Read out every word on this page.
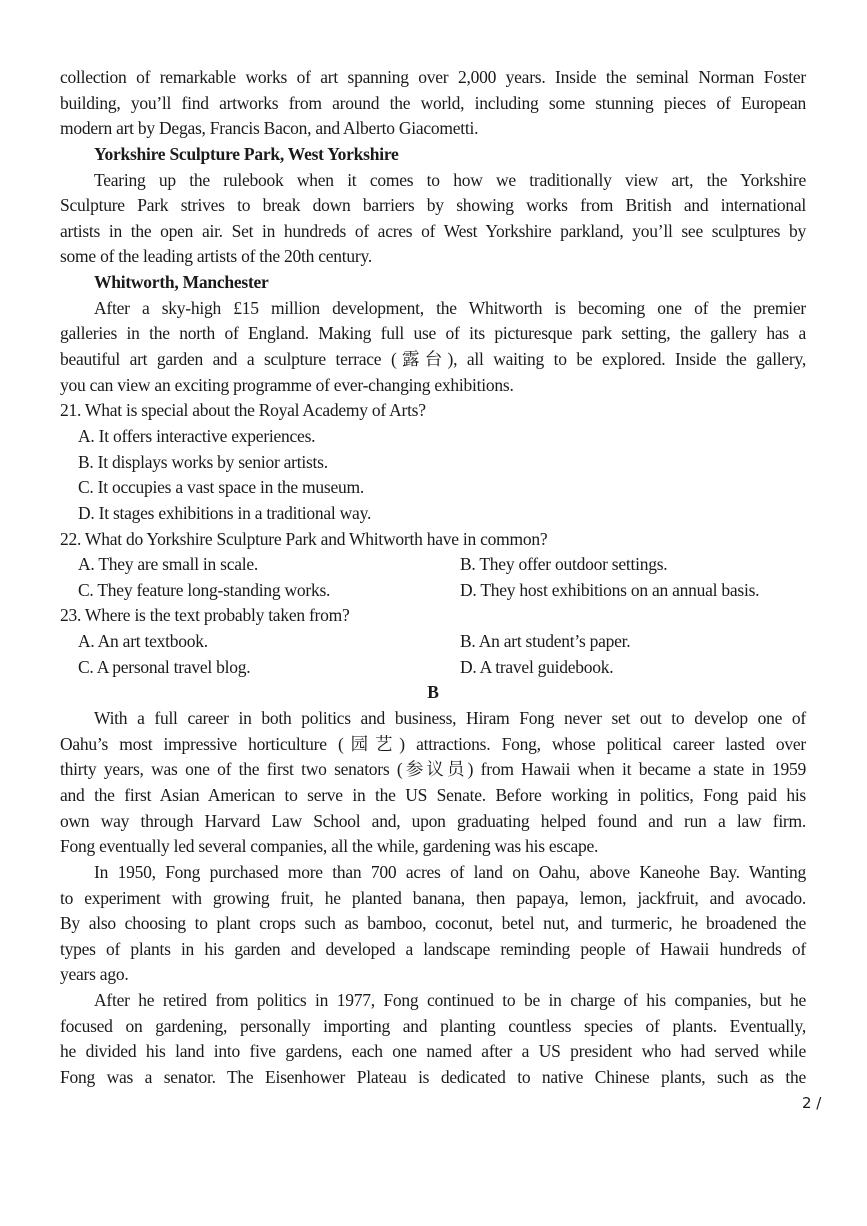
collection of remarkable works of art spanning over 2,000 years. Inside the seminal Norman Foster
building, you’ll find artworks from around the world, including some stunning pieces of European
modern art by Degas, Francis Bacon, and Alberto Giacometti.
Yorkshire Sculpture Park, West Yorkshire
Tearing up the rulebook when it comes to how we traditionally view art, the Yorkshire
Sculpture Park strives to break down barriers by showing works from British and international
artists in the open air. Set in hundreds of acres of West Yorkshire parkland, you’ll see sculptures by
some of the leading artists of the 20th century.
Whitworth, Manchester
After a sky-high £15 million development, the Whitworth is becoming one of the premier
galleries in the north of England. Making full use of its picturesque park setting, the gallery has a
beautiful art garden and a sculpture terrace (露台), all waiting to be explored. Inside the gallery,
you can view an exciting programme of ever-changing exhibitions.
21. What is special about the Royal Academy of Arts?
A. It offers interactive experiences.
B. It displays works by senior artists.
C. It occupies a vast space in the museum.
D. It stages exhibitions in a traditional way.
22. What do Yorkshire Sculpture Park and Whitworth have in common?
A. They are small in scale.	B. They offer outdoor settings.
C. They feature long-standing works.	D. They host exhibitions on an annual basis.
23. Where is the text probably taken from?
A. An art textbook.	B. An art student’s paper.
C. A personal travel blog.	D. A travel guidebook.
B
With a full career in both politics and business, Hiram Fong never set out to develop one of
Oahu’s most impressive horticulture (园艺) attractions. Fong, whose political career lasted over
thirty years, was one of the first two senators (参议员) from Hawaii when it became a state in 1959
and the first Asian American to serve in the US Senate. Before working in politics, Fong paid his
own way through Harvard Law School and, upon graduating helped found and run a law firm.
Fong eventually led several companies, all the while, gardening was his escape.
In 1950, Fong purchased more than 700 acres of land on Oahu, above Kaneohe Bay. Wanting
to experiment with growing fruit, he planted banana, then papaya, lemon, jackfruit, and avocado.
By also choosing to plant crops such as bamboo, coconut, betel nut, and turmeric, he broadened the
types of plants in his garden and developed a landscape reminding people of Hawaii hundreds of
years ago.
After he retired from politics in 1977, Fong continued to be in charge of his companies, but he
focused on gardening, personally importing and planting countless species of plants. Eventually,
he divided his land into five gardens, each one named after a US president who had served while
Fong was a senator. The Eisenhower Plateau is dedicated to native Chinese plants, such as the
2 /
